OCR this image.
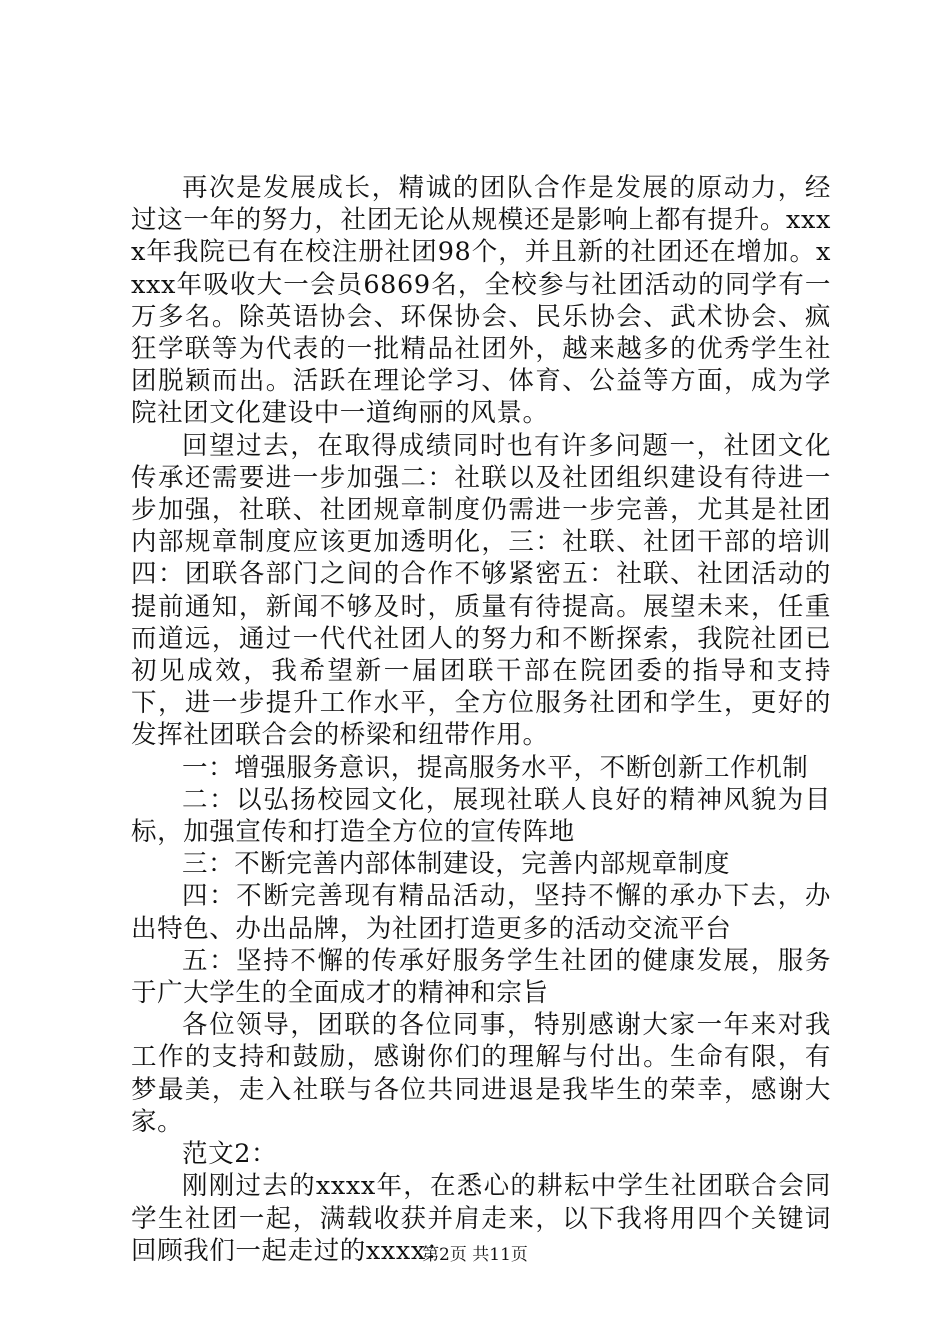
再次是发展成长，精诚的团队合作是发展的原动力，经过这一年的努力，社团无论从规模还是影响上都有提升。xxxx年我院已有在校注册社团98个，并且新的社团还在增加。xxxx年吸收大一会员6869名，全校参与社团活动的同学有一万多名。除英语协会、环保协会、民乐协会、武术协会、疯狂学联等为代表的一批精品社团外，越来越多的优秀学生社团脱颖而出。活跃在理论学习、体育、公益等方面，成为学院社团文化建设中一道绚丽的风景。

回望过去，在取得成绩同时也有许多问题一，社团文化传承还需要进一步加强二：社联以及社团组织建设有待进一步加强，社联、社团规章制度仍需进一步完善，尤其是社团内部规章制度应该更加透明化，三：社联、社团干部的培训四：团联各部门之间的合作不够紧密五：社联、社团活动的提前通知，新闻不够及时，质量有待提高。展望未来，任重而道远，通过一代代社团人的努力和不断探索，我院社团已初见成效，我希望新一届团联干部在院团委的指导和支持下，进一步提升工作水平，全方位服务社团和学生，更好的发挥社团联合会的桥梁和纽带作用。

一：增强服务意识，提高服务水平，不断创新工作机制

二：以弘扬校园文化，展现社联人良好的精神风貌为目标，加强宣传和打造全方位的宣传阵地

三：不断完善内部体制建设，完善内部规章制度

四：不断完善现有精品活动，坚持不懈的承办下去，办出特色、办出品牌，为社团打造更多的活动交流平台

五：坚持不懈的传承好服务学生社团的健康发展，服务于广大学生的全面成才的精神和宗旨

各位领导，团联的各位同事，特别感谢大家一年来对我工作的支持和鼓励，感谢你们的理解与付出。生命有限，有梦最美，走入社联与各位共同进退是我毕生的荣幸，感谢大家。

范文2：

刚刚过去的xxxx年，在悉心的耕耘中学生社团联合会同学生社团一起，满载收获并肩走来，以下我将用四个关键词回顾我们一起走过的xxxx：

第2页 共11页
